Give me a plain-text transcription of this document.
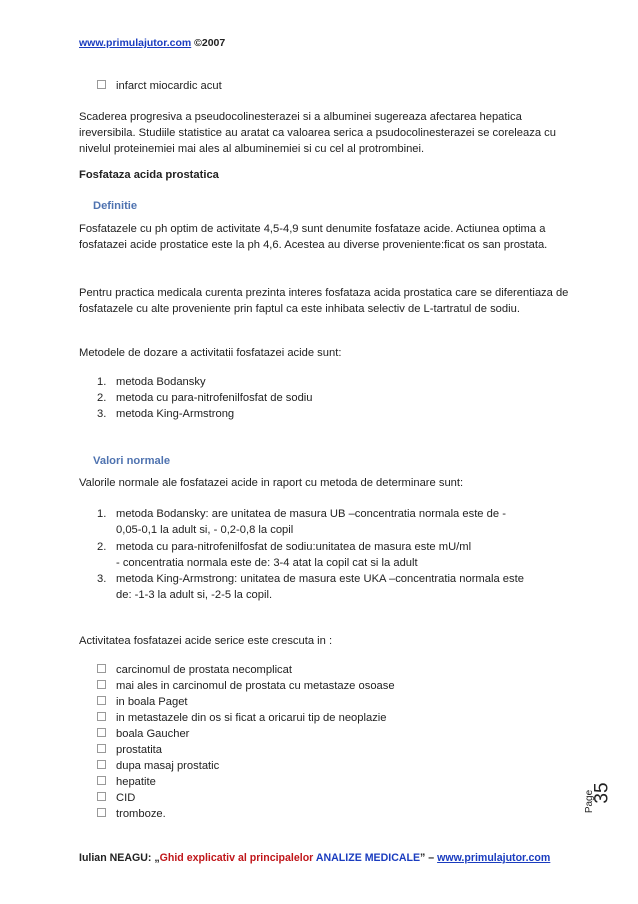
www.primulajutor.com ©2007
infarct miocardic acut
Scaderea progresiva a pseudocolinesterazei si a albuminei sugereaza afectarea hepatica ireversibila. Studiile statistice au aratat ca valoarea serica a psudocolinesterazei se coreleaza cu nivelul proteinemiei mai ales al albuminemiei si cu cel al protrombinei.
Fosfataza acida prostatica
Definitie
Fosfatazele cu ph optim de activitate 4,5-4,9 sunt denumite fosfataze acide. Actiunea optima a fosfatazei acide prostatice este la ph 4,6. Acestea au diverse proveniente:ficat os san prostata.
Pentru practica medicala curenta prezinta interes fosfataza acida prostatica care se diferentiaza de fosfatazele cu alte proveniente prin faptul ca este inhibata selectiv de L-tartratul de sodiu.
Metodele de dozare a activitatii fosfatazei acide sunt:
1. metoda Bodansky
2. metoda cu para-nitrofenilfosfat de sodiu
3. metoda King-Armstrong
Valori normale
Valorile normale ale fosfatazei acide in raport cu metoda de determinare sunt:
1. metoda Bodansky: are unitatea de masura UB –concentratia normala este de -
0,05-0,1 la adult si, - 0,2-0,8 la copil
2. metoda cu para-nitrofenilfosfat de sodiu:unitatea de masura este mU/ml
- concentratia normala este de: 3-4 atat la copil cat si la adult
3. metoda King-Armstrong: unitatea de masura este UKA –concentratia normala este
de: -1-3 la adult si, -2-5 la copil.
Activitatea fosfatazei acide serice este crescuta in :
carcinomul de prostata necomplicat
mai ales in carcinomul de prostata cu metastaze osoase
in boala Paget
in metastazele din os si ficat a oricarui tip de neoplazie
boala Gaucher
prostatita
dupa masaj prostatic
hepatite
CID
tromboze.
Page
35
Iulian NEAGU: „Ghid explicativ al principalelor ANALIZE MEDICALE” – www.primulajutor.com
